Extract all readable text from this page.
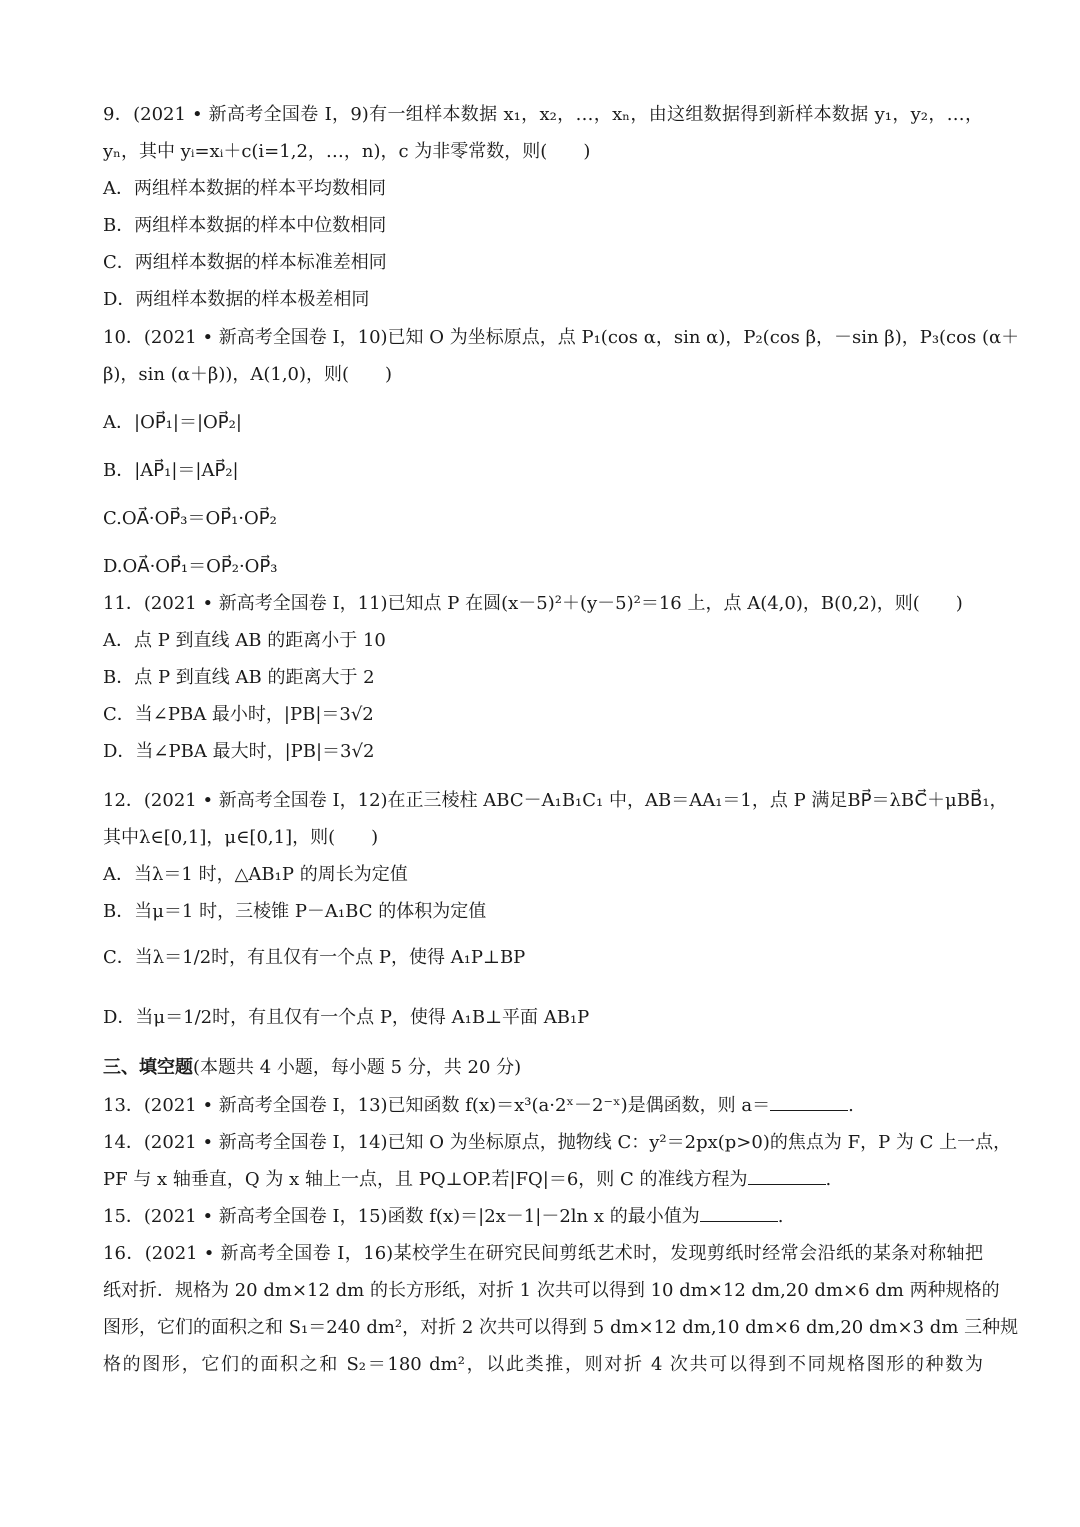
9．(2021 • 新高考全国卷 I，9)有一组样本数据 x₁，x₂，…，xₙ，由这组数据得到新样本数据 y₁，y₂，…，
yₙ，其中 yᵢ=xᵢ＋c(i=1,2，…，n)，c 为非零常数，则(　　)
A．两组样本数据的样本平均数相同
B．两组样本数据的样本中位数相同
C．两组样本数据的样本标准差相同
D．两组样本数据的样本极差相同
10．(2021 • 新高考全国卷 I，10)已知 O 为坐标原点，点 P₁(cos α，sin α)，P₂(cos β，－sin β)，P₃(cos (α＋
β)，sin (α＋β))，A(1,0)，则(　　)
A．|OP⃗₁|＝|OP⃗₂|
B．|AP⃗₁|＝|AP⃗₂|
C.OA⃗·OP⃗₃＝OP⃗₁·OP⃗₂
D.OA⃗·OP⃗₁＝OP⃗₂·OP⃗₃
11．(2021 • 新高考全国卷 I，11)已知点 P 在圆(x－5)²＋(y－5)²＝16 上，点 A(4,0)，B(0,2)，则(　　)
A．点 P 到直线 AB 的距离小于 10
B．点 P 到直线 AB 的距离大于 2
C．当∠PBA 最小时，|PB|＝3√2
D．当∠PBA 最大时，|PB|＝3√2
12．(2021 • 新高考全国卷 I，12)在正三棱柱 ABC－A₁B₁C₁ 中，AB＝AA₁＝1，点 P 满足BP⃗＝λBC⃗＋μBB⃗₁，
其中λ∈[0,1]，μ∈[0,1]，则(　　)
A．当λ＝1 时，△AB₁P 的周长为定值
B．当μ＝1 时，三棱锥 P－A₁BC 的体积为定值
C．当λ＝1/2时，有且仅有一个点 P，使得 A₁P⊥BP
D．当μ＝1/2时，有且仅有一个点 P，使得 A₁B⊥平面 AB₁P
三、填空题(本题共 4 小题，每小题 5 分，共 20 分)
13．(2021 • 新高考全国卷 I，13)已知函数 f(x)＝x³(a·2ˣ－2⁻ˣ)是偶函数，则 a＝	.
14．(2021 • 新高考全国卷 I，14)已知 O 为坐标原点，抛物线 C：y²＝2px(p>0)的焦点为 F，P 为 C 上一点，
PF 与 x 轴垂直，Q 为 x 轴上一点，且 PQ⊥OP.若|FQ|＝6，则 C 的准线方程为	.
15．(2021 • 新高考全国卷 I，15)函数 f(x)＝|2x－1|－2ln x 的最小值为	.
16．(2021 • 新高考全国卷 I，16)某校学生在研究民间剪纸艺术时，发现剪纸时经常会沿纸的某条对称轴把
纸对折．规格为 20 dm×12 dm 的长方形纸，对折 1 次共可以得到 10 dm×12 dm,20 dm×6 dm 两种规格的
图形，它们的面积之和 S₁＝240 dm²，对折 2 次共可以得到 5 dm×12 dm,10 dm×6 dm,20 dm×3 dm 三种规
格的图形，它们的面积之和 S₂＝180 dm²，以此类推，则对折 4 次共可以得到不同规格图形的种数为
